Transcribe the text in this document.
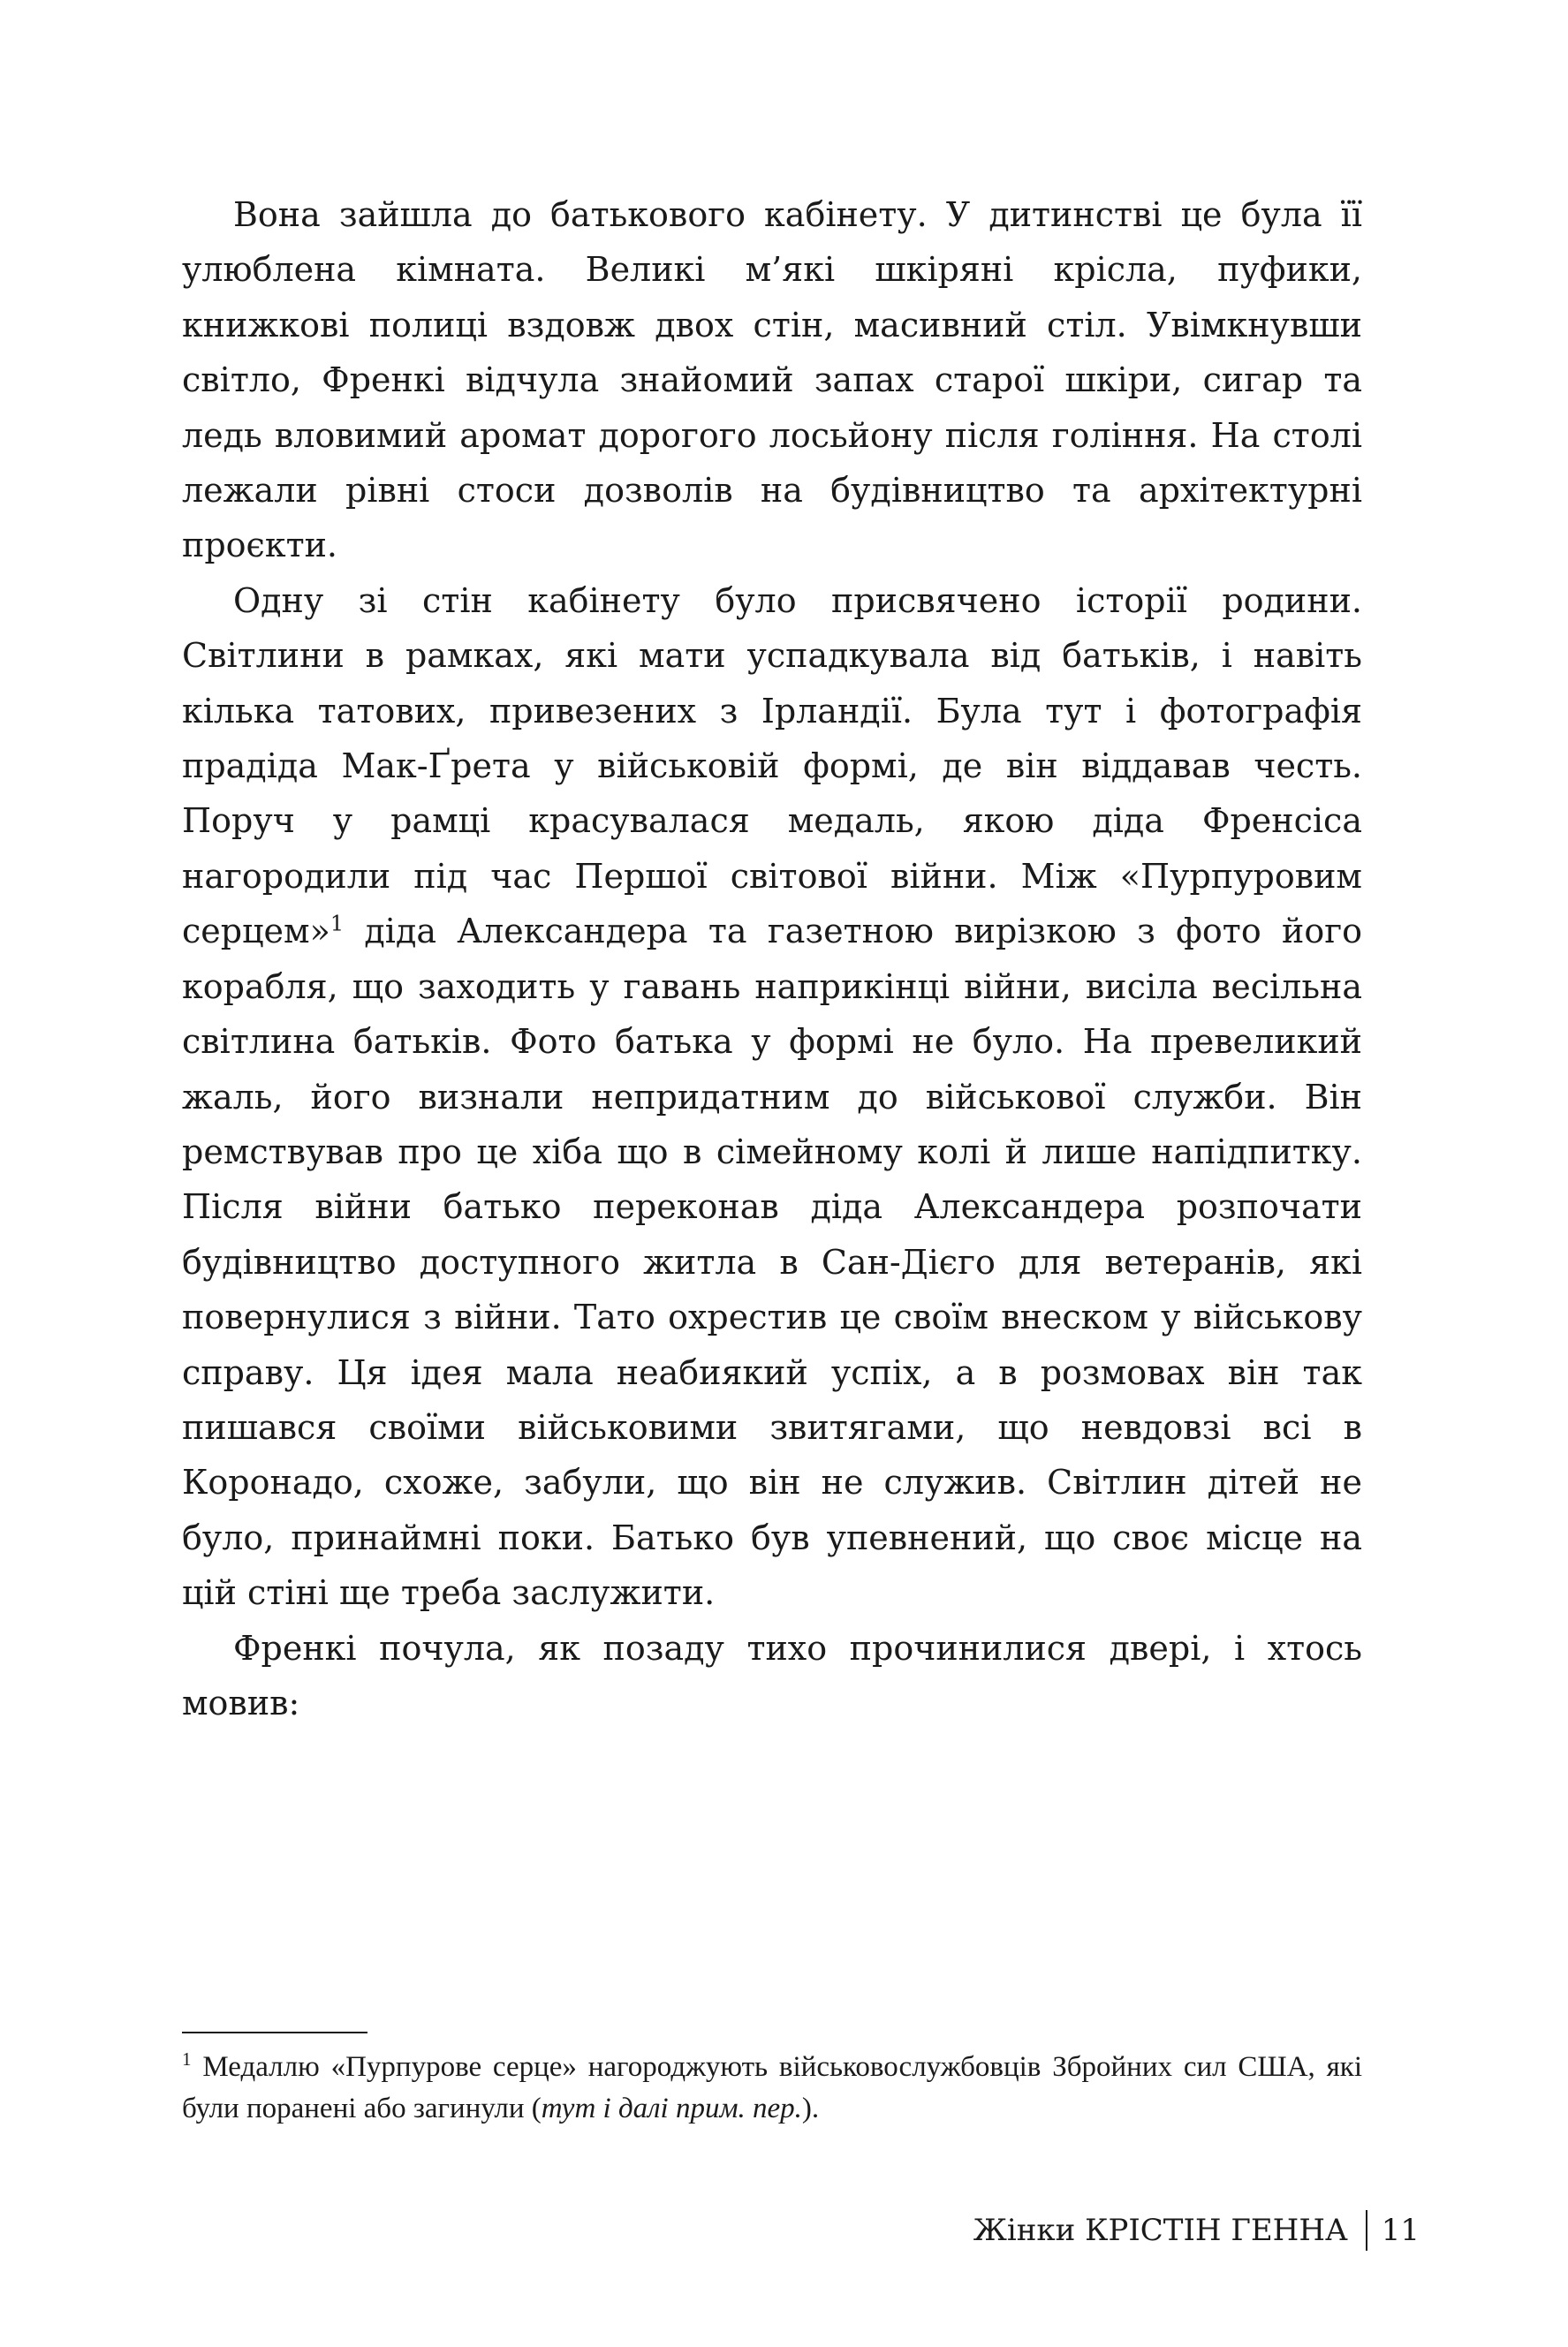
Вона зайшла до батькового кабінету. У дитинстві це була її улюблена кімната. Великі м’які шкіряні крісла, пуфики, книжкові полиці вздовж двох стін, масивний стіл. Увімкнувши світло, Френкі відчула знайомий запах старої шкіри, сигар та ледь вловимий аромат дорогого лосьйону після гоління. На столі лежали рівні стоси дозволів на будівництво та архітектурні проєкти.

Одну зі стін кабінету було присвячено історії родини. Світлини в рамках, які мати успадкувала від батьків, і навіть кілька татових, привезених з Ірландії. Була тут і фотографія прадіда Мак-Ґрета у військовій формі, де він віддавав честь. Поруч у рамці красувалася медаль, якою діда Френсіса нагородили під час Першої світової війни. Між «Пурпуровим серцем»$^1$ діда Александера та газетною вирізкою з фото його корабля, що заходить у гавань наприкінці війни, висіла весільна світлина батьків. Фото батька у формі не було. На превеликий жаль, його визнали непридатним до військової служби. Він ремствував про це хіба що в сімейному колі й лише напідпитку. Після війни батько переконав діда Александера розпочати будівництво доступного житла в Сан-Дієго для ветеранів, які повернулися з війни. Тато охрестив це своїм внеском у військову справу. Ця ідея мала неабиякий успіх, а в розмовах він так пишався своїми військовими звитягами, що невдовзі всі в Коронадо, схоже, забули, що він не служив. Світлин дітей не було, принаймні поки. Батько був упевнений, що своє місце на цій стіні ще треба заслужити.

Френкі почула, як позаду тихо прочинилися двері, і хтось мовив:

$^1$ Медаллю «Пурпурове серце» нагороджують військовослужбовців Збройних сил США, які були поранені або загинули (тут і далі прим. пер.).
Жінки КРІСТІН ГЕННА 11
